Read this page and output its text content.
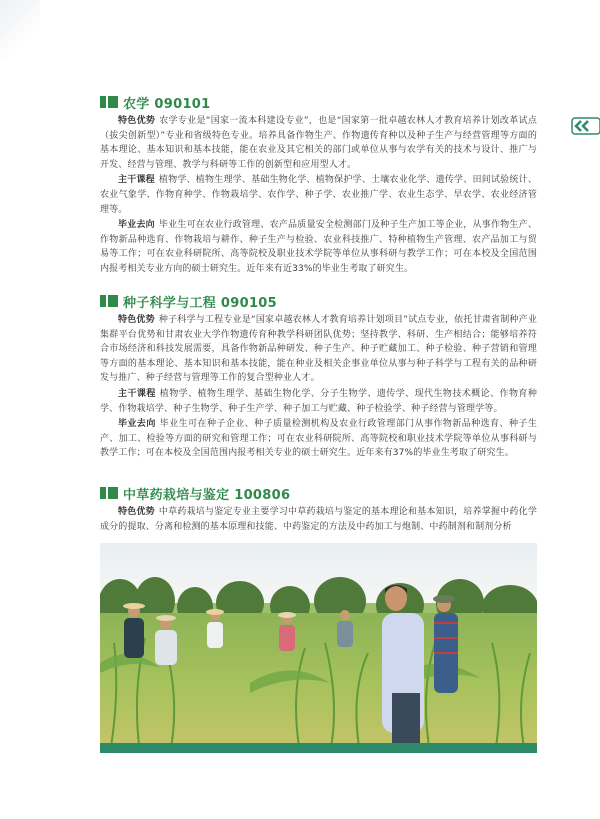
农学 090101

特色优势 农学专业是“国家一流本科建设专业”，也是“国家第一批卓越农林人才教育培养计划改革试点（拔尖创新型）”专业和省级特色专业。培养具备作物生产、作物遗传育种以及种子生产与经营管理等方面的基本理论、基本知识和基本技能，能在农业及其它相关的部门或单位从事与农学有关的技术与设计、推广与开发、经营与管理、教学与科研等工作的创新型和应用型人才。

主干课程 植物学、植物生理学、基础生物化学、植物保护学、土壤农业化学、遗传学、田间试验统计、农业气象学、作物育种学、作物栽培学、农作学、种子学、农业推广学、农业生态学、旱农学、农业经济管理等。

毕业去向 毕业生可在农业行政管理、农产品质量安全检测部门及种子生产加工等企业，从事作物生产、作物新品种选育、作物栽培与耕作、种子生产与检验、农业科技推广、特种植物生产管理、农产品加工与贸易等工作；可在农业科研院所、高等院校及职业技术学院等单位从事科研与教学工作；可在本校及全国范围内报考相关专业方向的硕士研究生。近年来有近33%的毕业生考取了研究生。

种子科学与工程 090105

特色优势 种子科学与工程专业是“国家卓越农林人才教育培养计划项目”试点专业，依托甘肃省制种产业集群平台优势和甘肃农业大学作物遗传育种教学科研团队优势；坚持教学、科研、生产相结合；能够培养符合市场经济和科技发展需要，具备作物新品种研发、种子生产、种子贮藏加工、种子检验、种子营销和管理等方面的基本理论、基本知识和基本技能，能在种业及相关企事业单位从事与种子科学与工程有关的品种研发与推广、种子经营与管理等工作的复合型种业人才。

主干课程 植物学、植物生理学、基础生物化学、分子生物学、遗传学、现代生物技术概论、作物育种学、作物栽培学、种子生物学、种子生产学、种子加工与贮藏、种子检验学、种子经营与管理学等。

毕业去向 毕业生可在种子企业、种子质量检测机构及农业行政管理部门从事作物新品种选育、种子生产、加工、检验等方面的研究和管理工作；可在农业科研院所、高等院校和职业技术学院等单位从事科研与教学工作；可在本校及全国范围内报考相关专业的硕士研究生。近年来有37%的毕业生考取了研究生。

中草药栽培与鉴定 100806

特色优势 中草药栽培与鉴定专业主要学习中草药栽培与鉴定的基本理论和基本知识，培养掌握中药化学成分的提取、分离和检测的基本原理和技能、中药鉴定的方法及中药加工与炮制、中药制剂和制剂分析
